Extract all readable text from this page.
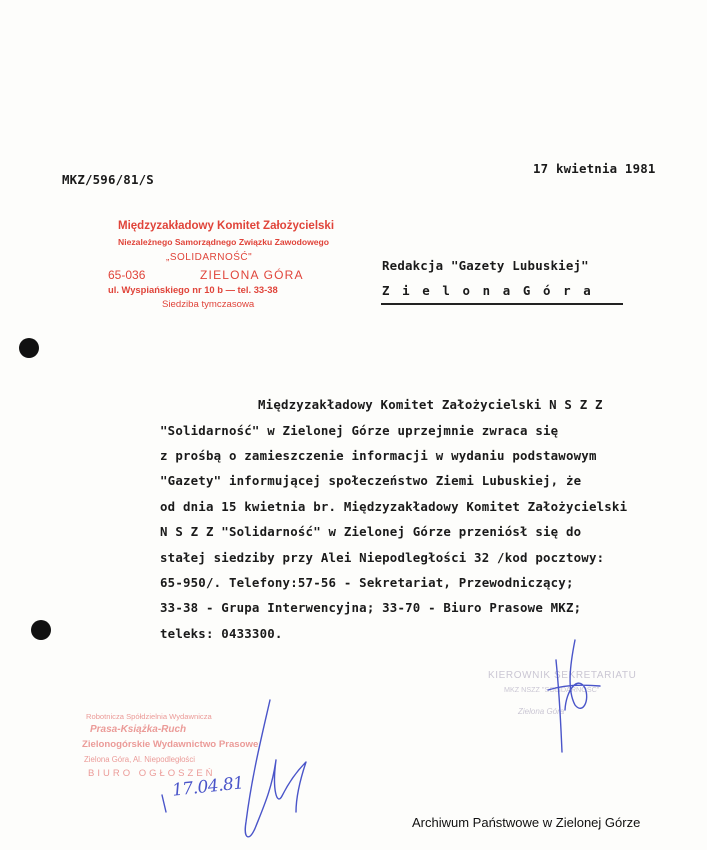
MKZ/596/81/S
17 kwietnia 1981
Międzyzakładowy Komitet Założycielski
Niezależnego Samorządnego Związku Zawodowego
„SOLIDARNOŚĆ"
65-036	ZIELONA GÓRA
ul. Wyspiańskiego nr 10 b — tel. 33-38
Siedziba tymczasowa
Redakcja "Gazety Lubuskiej"
Z i e l o n a G ó r a
Międzyzakładowy Komitet Założycielski N S Z Z
"Solidarność" w Zielonej Górze uprzejmnie zwraca się
z prośbą o zamieszczenie informacji w wydaniu podstawowym
"Gazety" informującej społeczeństwo Ziemi Lubuskiej, że
od dnia 15 kwietnia br. Międzyzakładowy Komitet Założycielski
N S Z Z "Solidarność" w Zielonej Górze przeniósł się do
stałej siedziby przy Alei Niepodległości 32 /kod pocztowy:
65-950/. Telefony:57-56 - Sekretariat, Przewodniczący;
33-38 - Grupa Interwencyjna; 33-70 - Biuro Prasowe MKZ;
teleks: 0433300.
KIEROWNIK SEKRETARIATU
MKZ NSZZ "SOLIDARNOŚĆ"
Zielona Góra
Robotnicza Spółdzielnia Wydawnicza
Prasa-Książka-Ruch
Zielonogórskie Wydawnictwo Prasowe
Zielona Góra, Al. Niepodległości
BIURO OGŁOSZEŃ
17.04.81
Archiwum Państwowe w Zielonej Górze
